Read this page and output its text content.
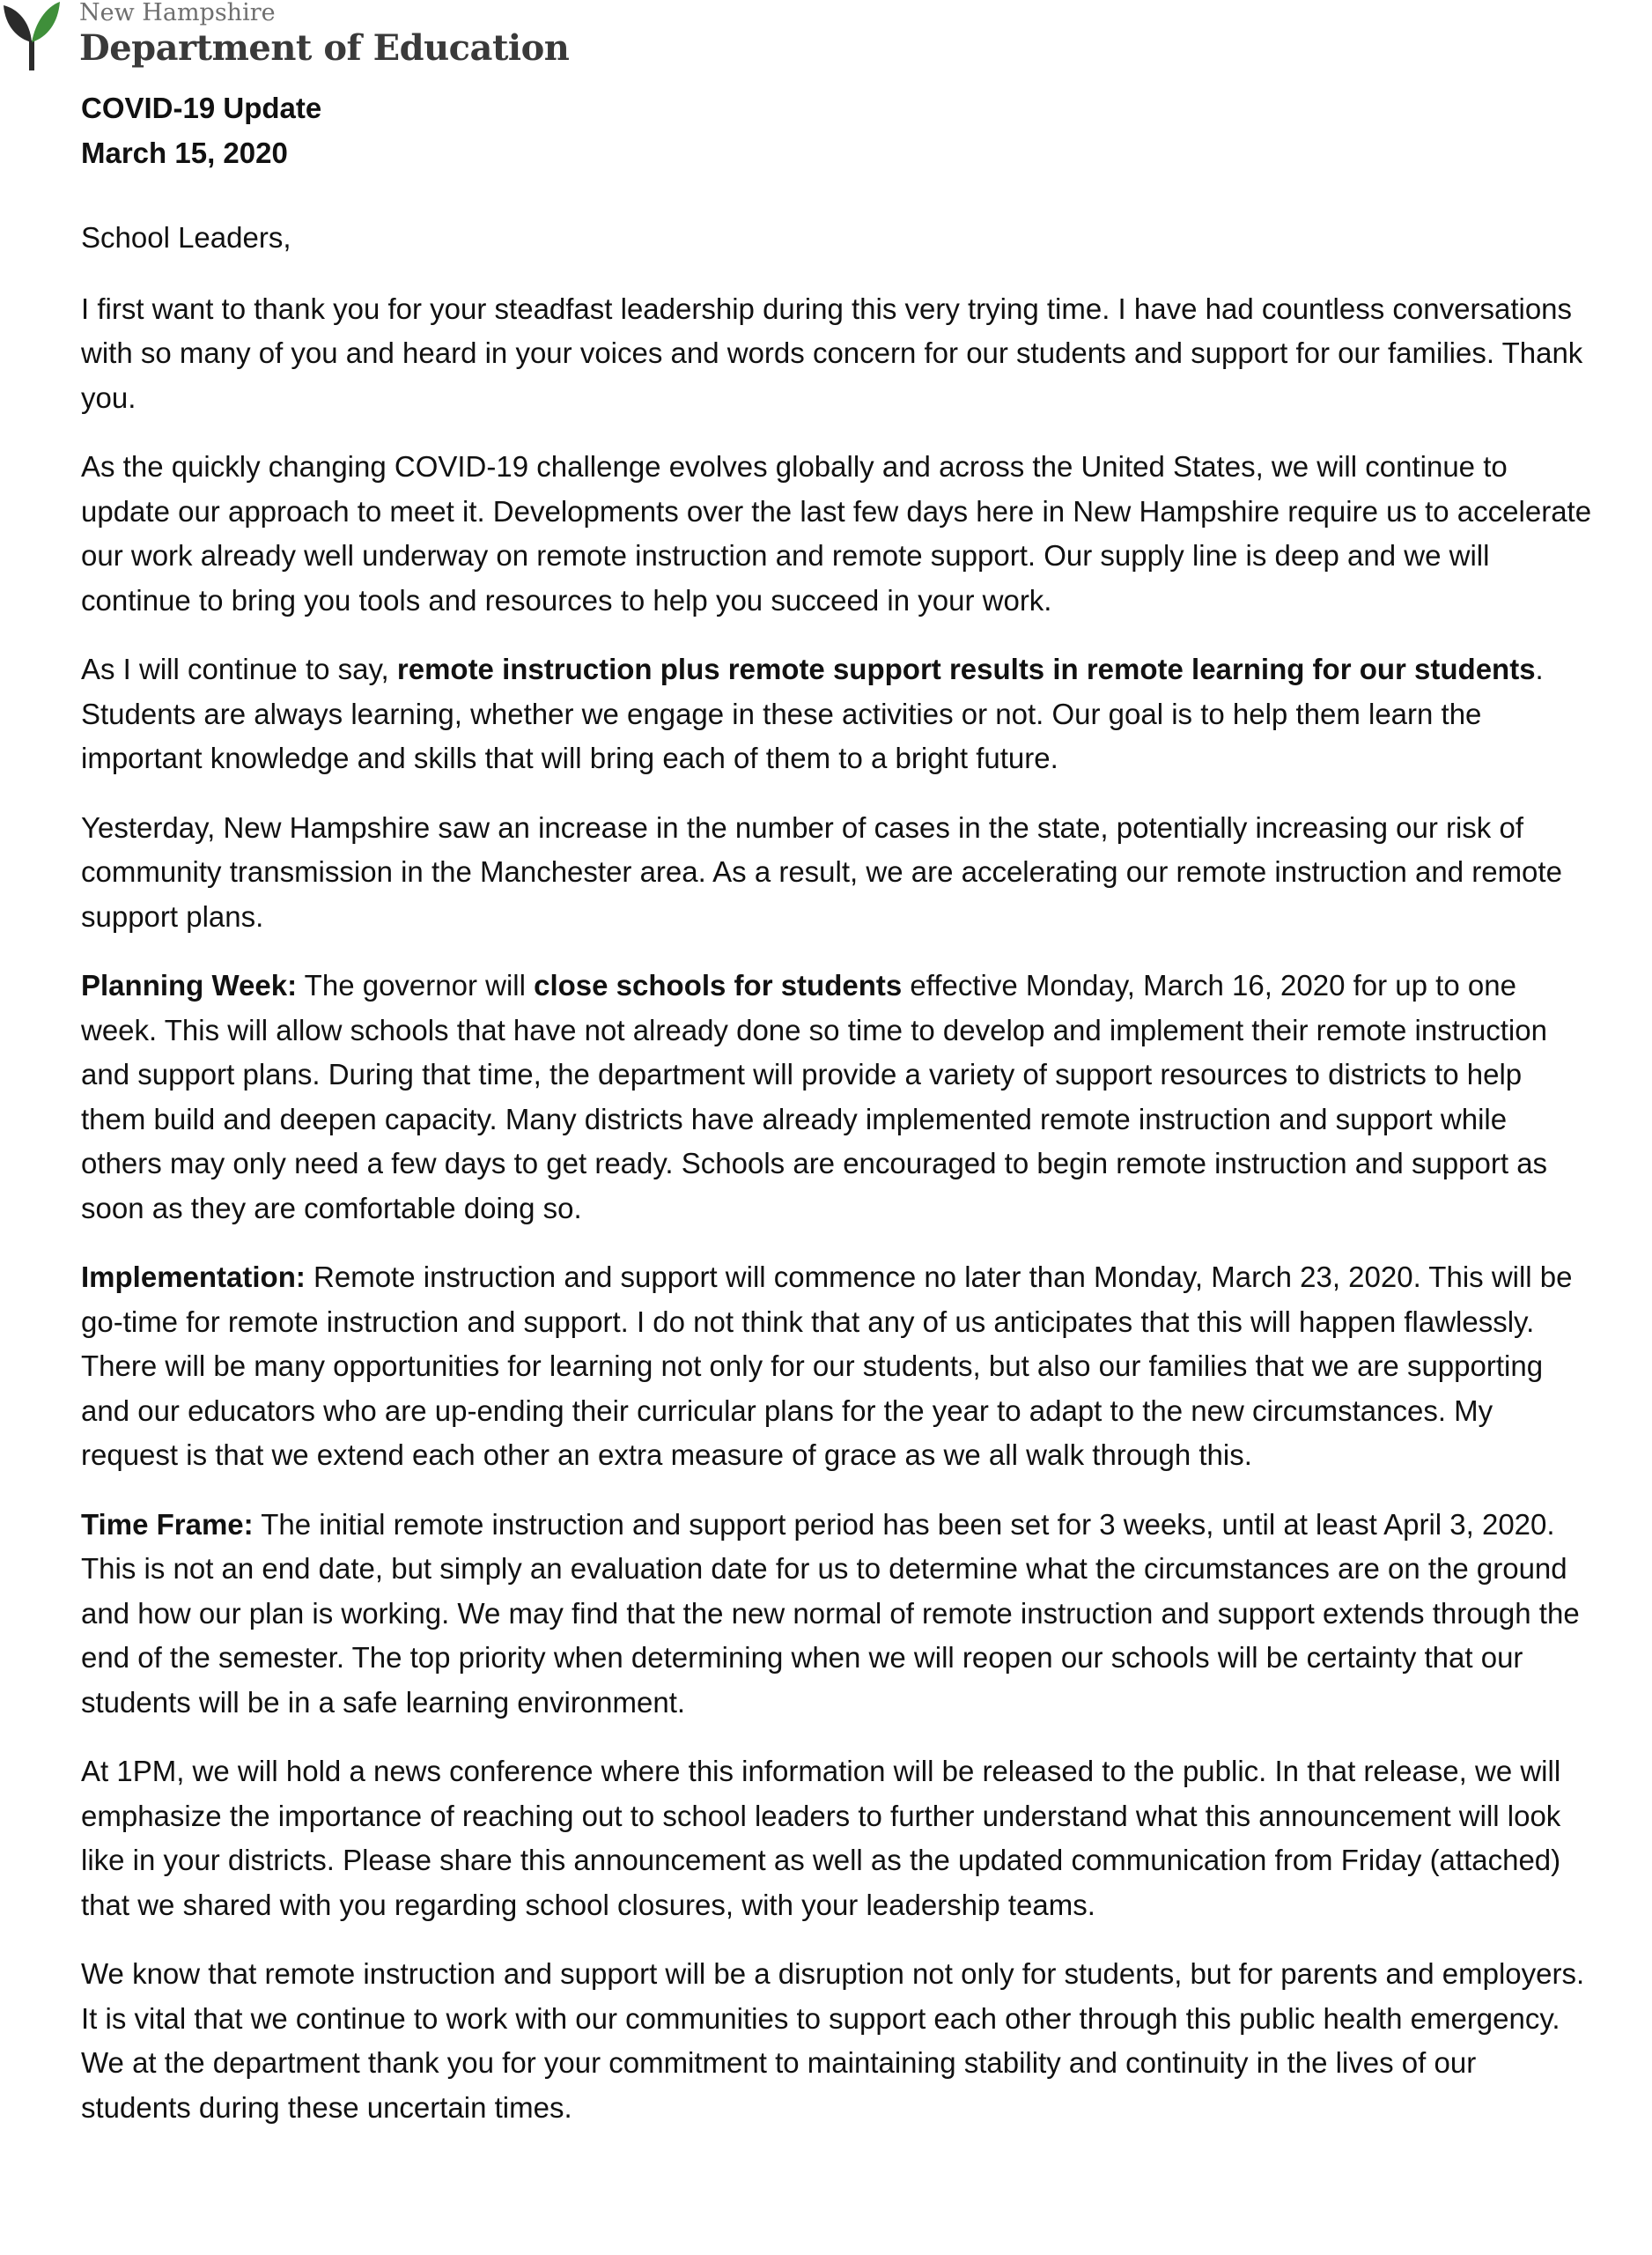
New Hampshire

Department of Education

COVID-19 Update

March 15, 2020

School Leaders,

I first want to thank you for your steadfast leadership during this very trying time. I have had countless conversations with so many of you and heard in your voices and words concern for our students and support for our families. Thank you.

As the quickly changing COVID-19 challenge evolves globally and across the United States, we will continue to update our approach to meet it. Developments over the last few days here in New Hampshire require us to accelerate our work already well underway on remote instruction and remote support. Our supply line is deep and we will continue to bring you tools and resources to help you succeed in your work.

As I will continue to say, remote instruction plus remote support results in remote learning for our students. Students are always learning, whether we engage in these activities or not. Our goal is to help them learn the important knowledge and skills that will bring each of them to a bright future.

Yesterday, New Hampshire saw an increase in the number of cases in the state, potentially increasing our risk of community transmission in the Manchester area. As a result, we are accelerating our remote instruction and remote support plans.

Planning Week: The governor will close schools for students effective Monday, March 16, 2020 for up to one week. This will allow schools that have not already done so time to develop and implement their remote instruction and support plans. During that time, the department will provide a variety of support resources to districts to help them build and deepen capacity. Many districts have already implemented remote instruction and support while others may only need a few days to get ready. Schools are encouraged to begin remote instruction and support as soon as they are comfortable doing so.

Implementation: Remote instruction and support will commence no later than Monday, March 23, 2020. This will be go-time for remote instruction and support. I do not think that any of us anticipates that this will happen flawlessly. There will be many opportunities for learning not only for our students, but also our families that we are supporting and our educators who are up-ending their curricular plans for the year to adapt to the new circumstances. My request is that we extend each other an extra measure of grace as we all walk through this.

Time Frame: The initial remote instruction and support period has been set for 3 weeks, until at least April 3, 2020. This is not an end date, but simply an evaluation date for us to determine what the circumstances are on the ground and how our plan is working. We may find that the new normal of remote instruction and support extends through the end of the semester. The top priority when determining when we will reopen our schools will be certainty that our students will be in a safe learning environment.

At 1PM, we will hold a news conference where this information will be released to the public. In that release, we will emphasize the importance of reaching out to school leaders to further understand what this announcement will look like in your districts. Please share this announcement as well as the updated communication from Friday (attached) that we shared with you regarding school closures, with your leadership teams.

We know that remote instruction and support will be a disruption not only for students, but for parents and employers. It is vital that we continue to work with our communities to support each other through this public health emergency. We at the department thank you for your commitment to maintaining stability and continuity in the lives of our students during these uncertain times.
